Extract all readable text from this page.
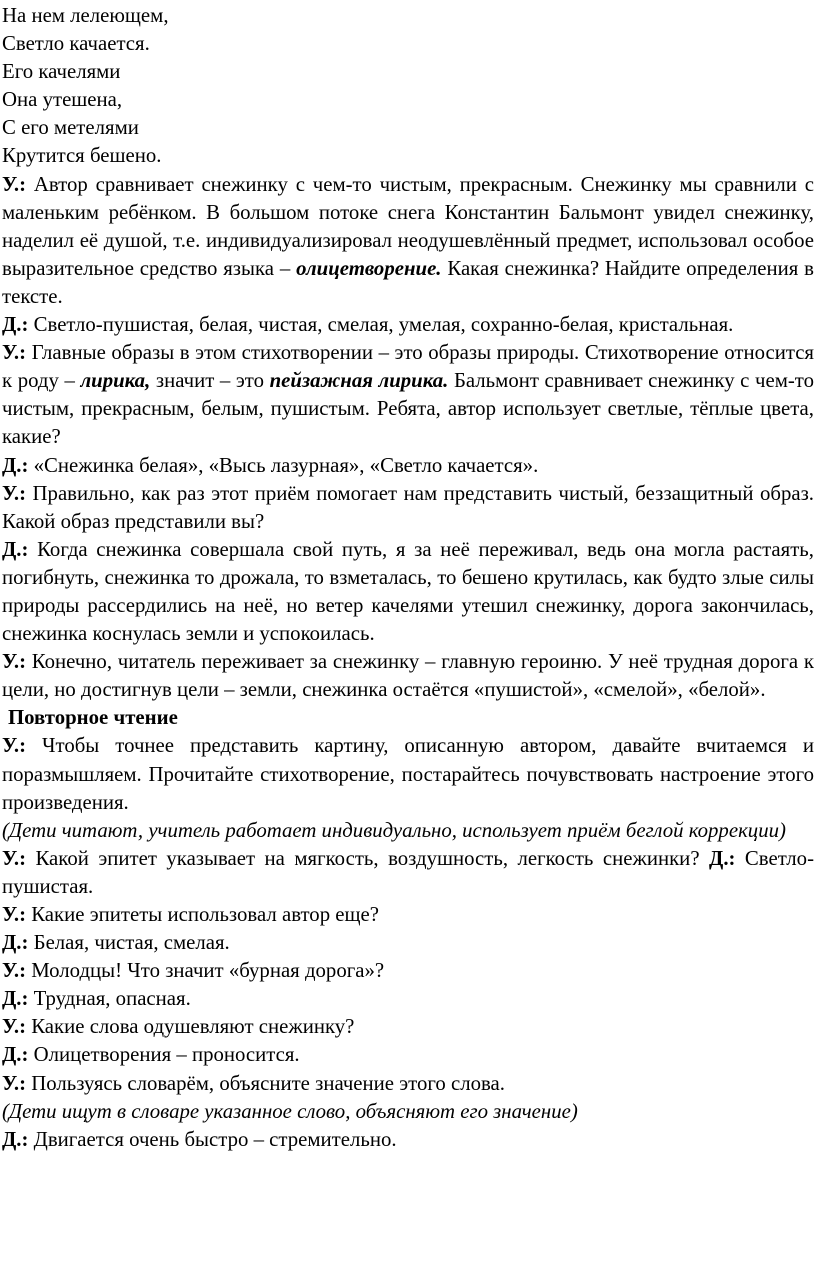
На нем лелеющем,
Светло качается.
Его качелями
Она утешена,
С его метелями
Крутится бешено.
У.: Автор сравнивает снежинку с чем-то чистым, прекрасным. Снежинку мы сравнили с маленьким ребёнком. В большом потоке снега Константин Бальмонт увидел снежинку, наделил её душой, т.е. индивидуализировал неодушевлённый предмет, использовал особое выразительное средство языка – олицетворение. Какая снежинка? Найдите определения в тексте.
Д.: Светло-пушистая, белая, чистая, смелая, умелая, сохранно-белая, кристальная.
У.: Главные образы в этом стихотворении – это образы природы. Стихотворение относится к роду – лирика, значит – это пейзажная лирика. Бальмонт сравнивает снежинку с чем-то чистым, прекрасным, белым, пушистым. Ребята, автор использует светлые, тёплые цвета, какие?
Д.: «Снежинка белая», «Высь лазурная», «Светло качается».
У.: Правильно, как раз этот приём помогает нам представить чистый, беззащитный образ. Какой образ представили вы?
Д.: Когда снежинка совершала свой путь, я за неё переживал, ведь она могла растаять, погибнуть, снежинка то дрожала, то взметалась, то бешено крутилась, как будто злые силы природы рассердились на неё, но ветер качелями утешил снежинку, дорога закончилась, снежинка коснулась земли и успокоилась.
У.: Конечно, читатель переживает за снежинку – главную героиню. У неё трудная дорога к цели, но достигнув цели – земли, снежинка остаётся «пушистой», «смелой», «белой».
Повторное чтение
У.: Чтобы точнее представить картину, описанную автором, давайте вчитаемся и поразмышляем. Прочитайте стихотворение, постарайтесь почувствовать настроение этого произведения.
(Дети читают, учитель работает индивидуально, использует приём беглой коррекции)
У.: Какой эпитет указывает на мягкость, воздушность, легкость снежинки? Д.: Светло-пушистая.
У.: Какие эпитеты использовал автор еще?
Д.: Белая, чистая, смелая.
У.: Молодцы! Что значит «бурная дорога»?
Д.: Трудная, опасная.
У.: Какие слова одушевляют снежинку?
Д.: Олицетворения – проносится.
У.: Пользуясь словарём, объясните значение этого слова.
(Дети ищут в словаре указанное слово, объясняют его значение)
Д.: Двигается очень быстро – стремительно.
